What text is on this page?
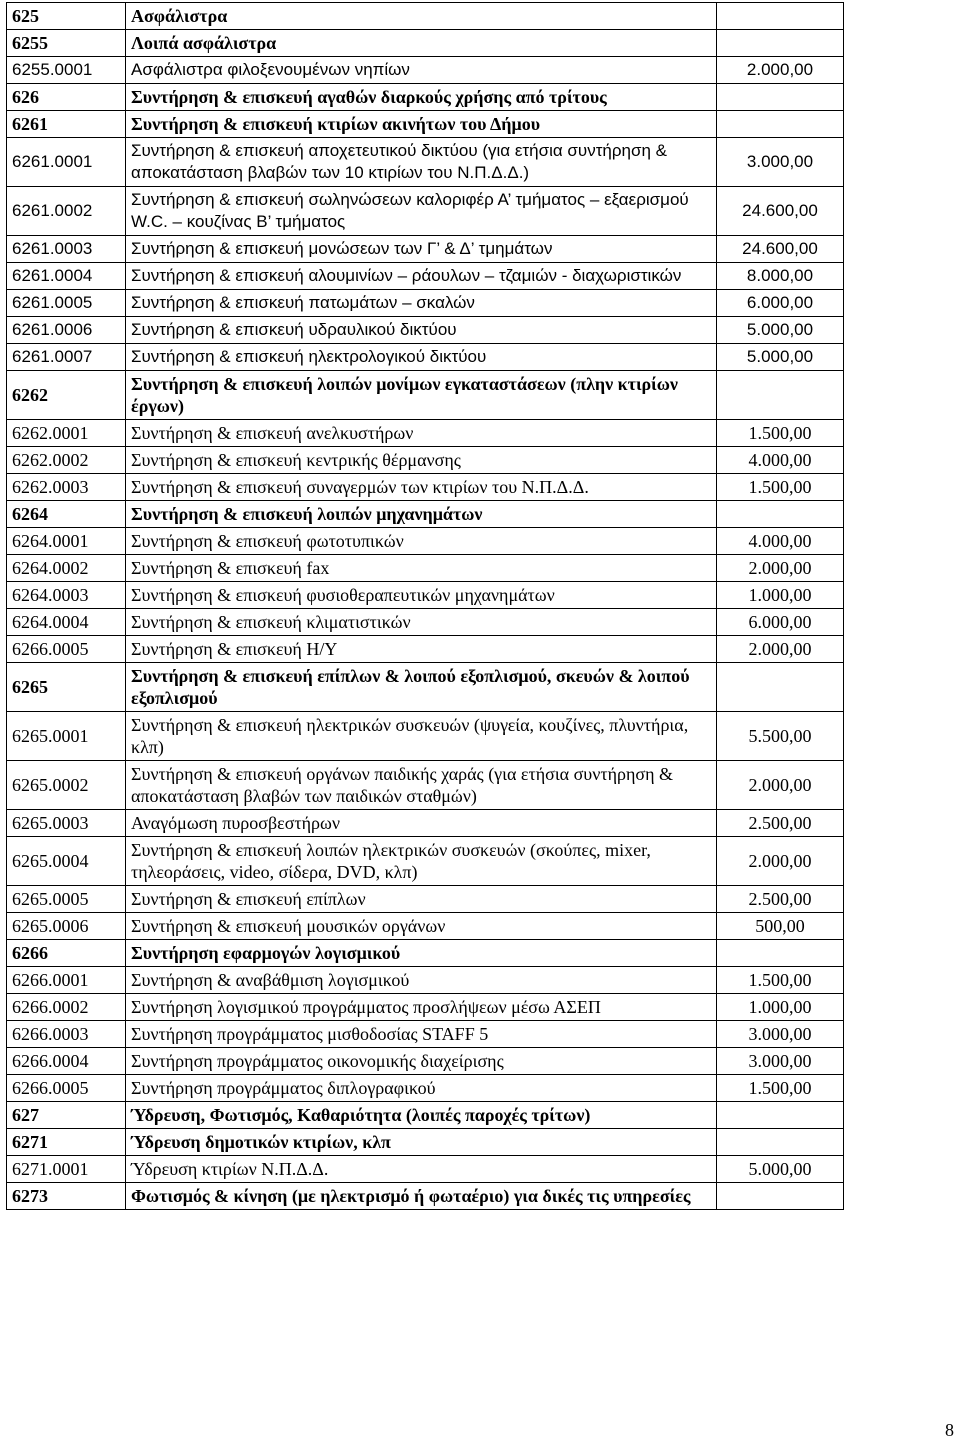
625	Ασφάλιστρα	
6255	Λοιπά ασφάλιστρα	
6255.0001	Ασφάλιστρα φιλοξενουμένων νηπίων	2.000,00
626	Συντήρηση & επισκευή αγαθών διαρκούς χρήσης από τρίτους	
6261	Συντήρηση & επισκευή κτιρίων ακινήτων του Δήμου	
6261.0001	Συντήρηση & επισκευή αποχετευτικού δικτύου (για ετήσια συντήρηση & αποκατάσταση βλαβών των 10 κτιρίων του Ν.Π.Δ.Δ.)	3.000,00
6261.0002	Συντήρηση & επισκευή σωληνώσεων καλοριφέρ Α’ τμήματος – εξαερισμού W.C. – κουζίνας Β’ τμήματος	24.600,00
6261.0003	Συντήρηση & επισκευή μονώσεων των Γ’ & Δ’ τμημάτων	24.600,00
6261.0004	Συντήρηση & επισκευή αλουμινίων – ράουλων – τζαμιών - διαχωριστικών	8.000,00
6261.0005	Συντήρηση & επισκευή πατωμάτων – σκαλών	6.000,00
6261.0006	Συντήρηση & επισκευή υδραυλικού δικτύου	5.000,00
6261.0007	Συντήρηση & επισκευή ηλεκτρολογικού δικτύου	5.000,00
6262	Συντήρηση & επισκευή λοιπών μονίμων εγκαταστάσεων (πλην κτιρίων έργων)	
6262.0001	Συντήρηση & επισκευή ανελκυστήρων	1.500,00
6262.0002	Συντήρηση & επισκευή κεντρικής θέρμανσης	4.000,00
6262.0003	Συντήρηση & επισκευή συναγερμών των κτιρίων του Ν.Π.Δ.Δ.	1.500,00
6264	Συντήρηση & επισκευή λοιπών μηχανημάτων	
6264.0001	Συντήρηση & επισκευή φωτοτυπικών	4.000,00
6264.0002	Συντήρηση & επισκευή fax	2.000,00
6264.0003	Συντήρηση & επισκευή φυσιοθεραπευτικών μηχανημάτων	1.000,00
6264.0004	Συντήρηση & επισκευή κλιματιστικών	6.000,00
6266.0005	Συντήρηση & επισκευή Η/Υ	2.000,00
6265	Συντήρηση & επισκευή επίπλων & λοιπού εξοπλισμού, σκευών & λοιπού εξοπλισμού	
6265.0001	Συντήρηση & επισκευή ηλεκτρικών συσκευών (ψυγεία, κουζίνες, πλυντήρια, κλπ)	5.500,00
6265.0002	Συντήρηση & επισκευή οργάνων παιδικής χαράς (για ετήσια συντήρηση & αποκατάσταση βλαβών των παιδικών σταθμών)	2.000,00
6265.0003	Αναγόμωση πυροσβεστήρων	2.500,00
6265.0004	Συντήρηση & επισκευή λοιπών ηλεκτρικών συσκευών (σκούπες, mixer, τηλεοράσεις, video, σίδερα, DVD, κλπ)	2.000,00
6265.0005	Συντήρηση & επισκευή επίπλων	2.500,00
6265.0006	Συντήρηση & επισκευή μουσικών οργάνων	500,00
6266	Συντήρηση εφαρμογών λογισμικού	
6266.0001	Συντήρηση & αναβάθμιση λογισμικού	1.500,00
6266.0002	Συντήρηση λογισμικού προγράμματος προσλήψεων μέσω ΑΣΕΠ	1.000,00
6266.0003	Συντήρηση προγράμματος μισθοδοσίας STAFF 5	3.000,00
6266.0004	Συντήρηση προγράμματος οικονομικής διαχείρισης	3.000,00
6266.0005	Συντήρηση προγράμματος διπλογραφικού	1.500,00
627	Ύδρευση, Φωτισμός, Καθαριότητα (λοιπές παροχές τρίτων)	
6271	Ύδρευση δημοτικών κτιρίων, κλπ	
6271.0001	Ύδρευση κτιρίων Ν.Π.Δ.Δ.	5.000,00
6273	Φωτισμός & κίνηση (με ηλεκτρισμό ή φωταέριο) για δικές τις υπηρεσίες	
8
